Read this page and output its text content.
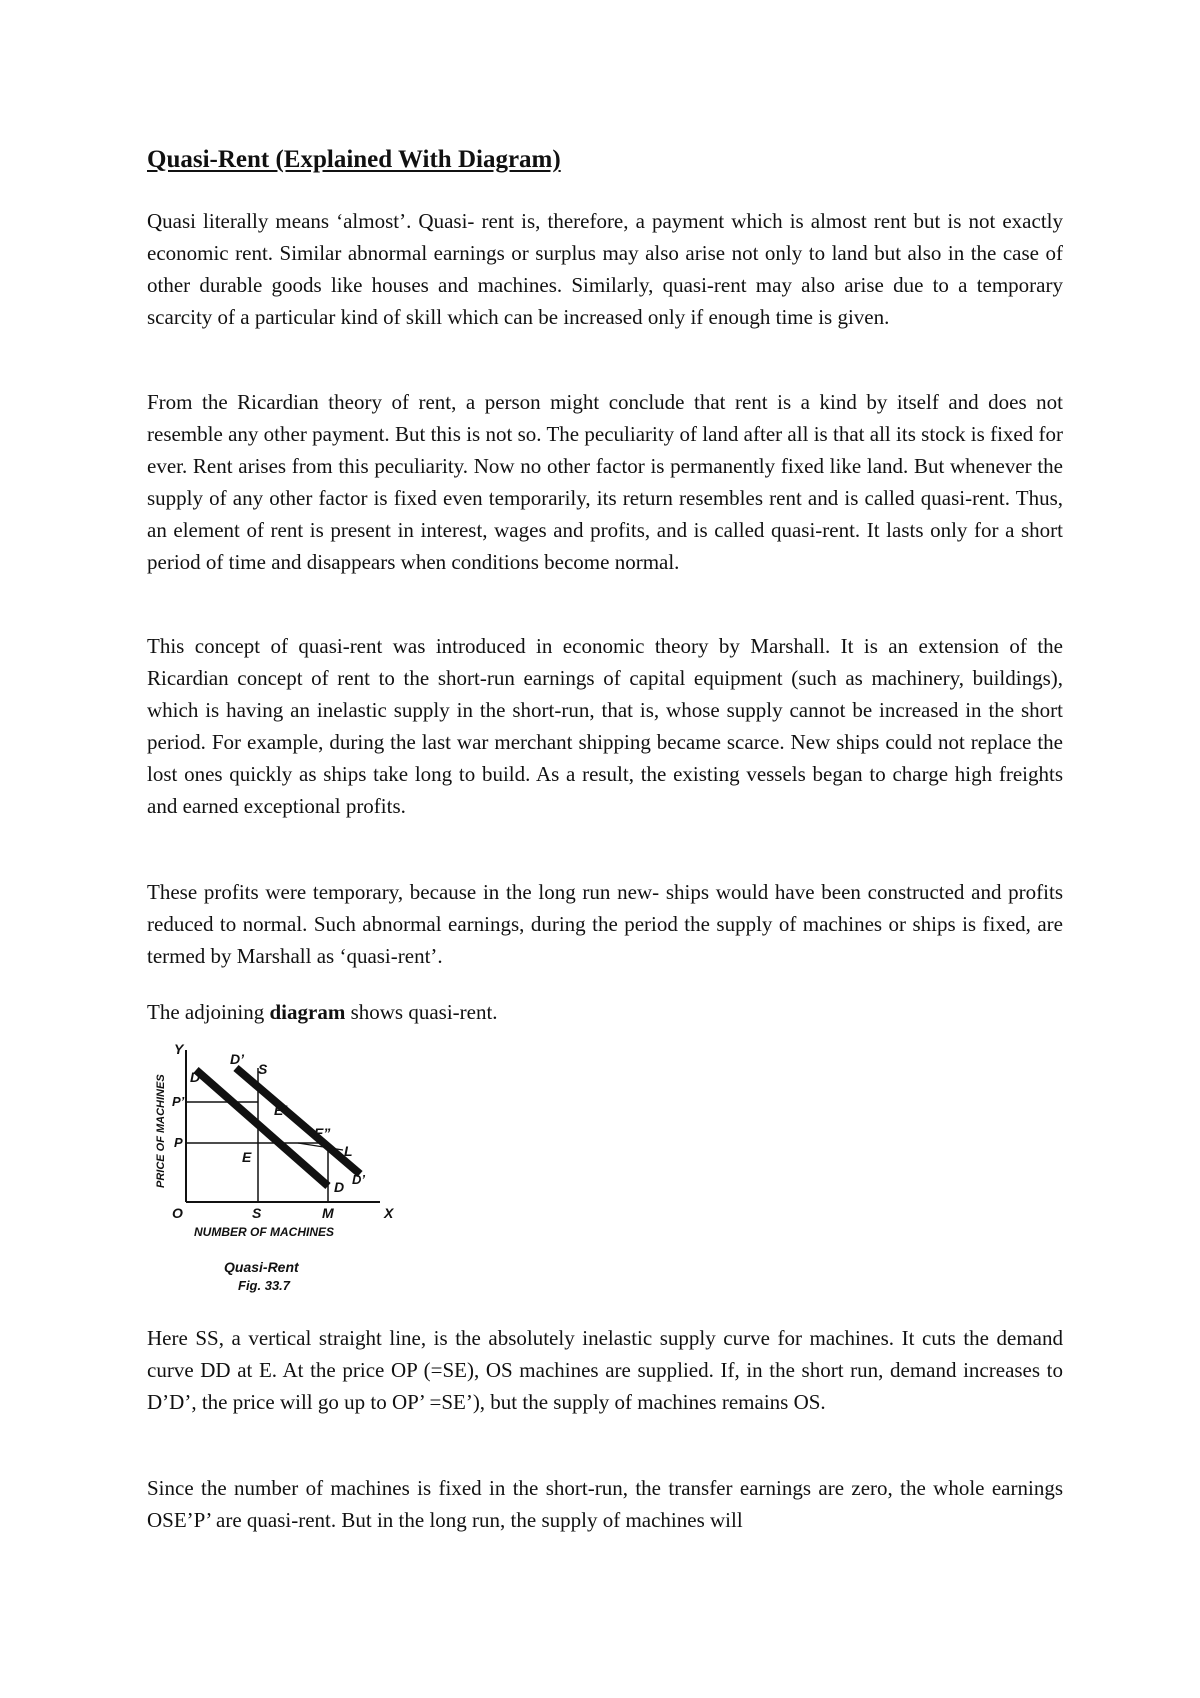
Quasi-Rent (Explained With Diagram)

Quasi literally means ‘almost’. Quasi- rent is, therefore, a payment which is almost rent but is not exactly economic rent. Similar abnormal earnings or surplus may also arise not only to land but also in the case of other durable goods like houses and machines. Similarly, quasi-rent may also arise due to a temporary scarcity of a particular kind of skill which can be increased only if enough time is given.

From the Ricardian theory of rent, a person might conclude that rent is a kind by itself and does not resemble any other payment. But this is not so. The peculiarity of land after all is that all its stock is fixed for ever. Rent arises from this peculiarity. Now no other factor is permanently fixed like land. But whenever the supply of any other factor is fixed even temporarily, its return resembles rent and is called quasi-rent. Thus, an element of rent is present in interest, wages and profits, and is called quasi-rent. It lasts only for a short period of time and disappears when conditions become normal.

This concept of quasi-rent was introduced in economic theory by Marshall. It is an extension of the Ricardian concept of rent to the short-run earnings of capital equipment (such as machinery, buildings), which is having an inelastic supply in the short-run, that is, whose supply cannot be increased in the short period. For example, during the last war merchant shipping became scarce. New ships could not replace the lost ones quickly as ships take long to build. As a result, the existing vessels began to charge high freights and earned exceptional profits.

These profits were temporary, because in the long run new- ships would have been constructed and profits reduced to normal. Such abnormal earnings, during the period the supply of machines or ships is fixed, are termed by Marshall as ‘quasi-rent’.

The adjoining diagram shows quasi-rent.

Y
O	X
S	M
P’
P
D
D
D’
D’
S
E
E’
E”
L
PRICE OF MACHINES
NUMBER OF MACHINES
Quasi-Rent
Fig. 33.7

Here SS, a vertical straight line, is the absolutely inelastic supply curve for machines. It cuts the demand curve DD at E. At the price OP (=SE), OS machines are supplied. If, in the short run, demand increases to D’D’, the price will go up to OP’ =SE’), but the supply of machines remains OS.

Since the number of machines is fixed in the short-run, the transfer earnings are zero, the whole earnings OSE’P’ are quasi-rent. But in the long run, the supply of machines will
